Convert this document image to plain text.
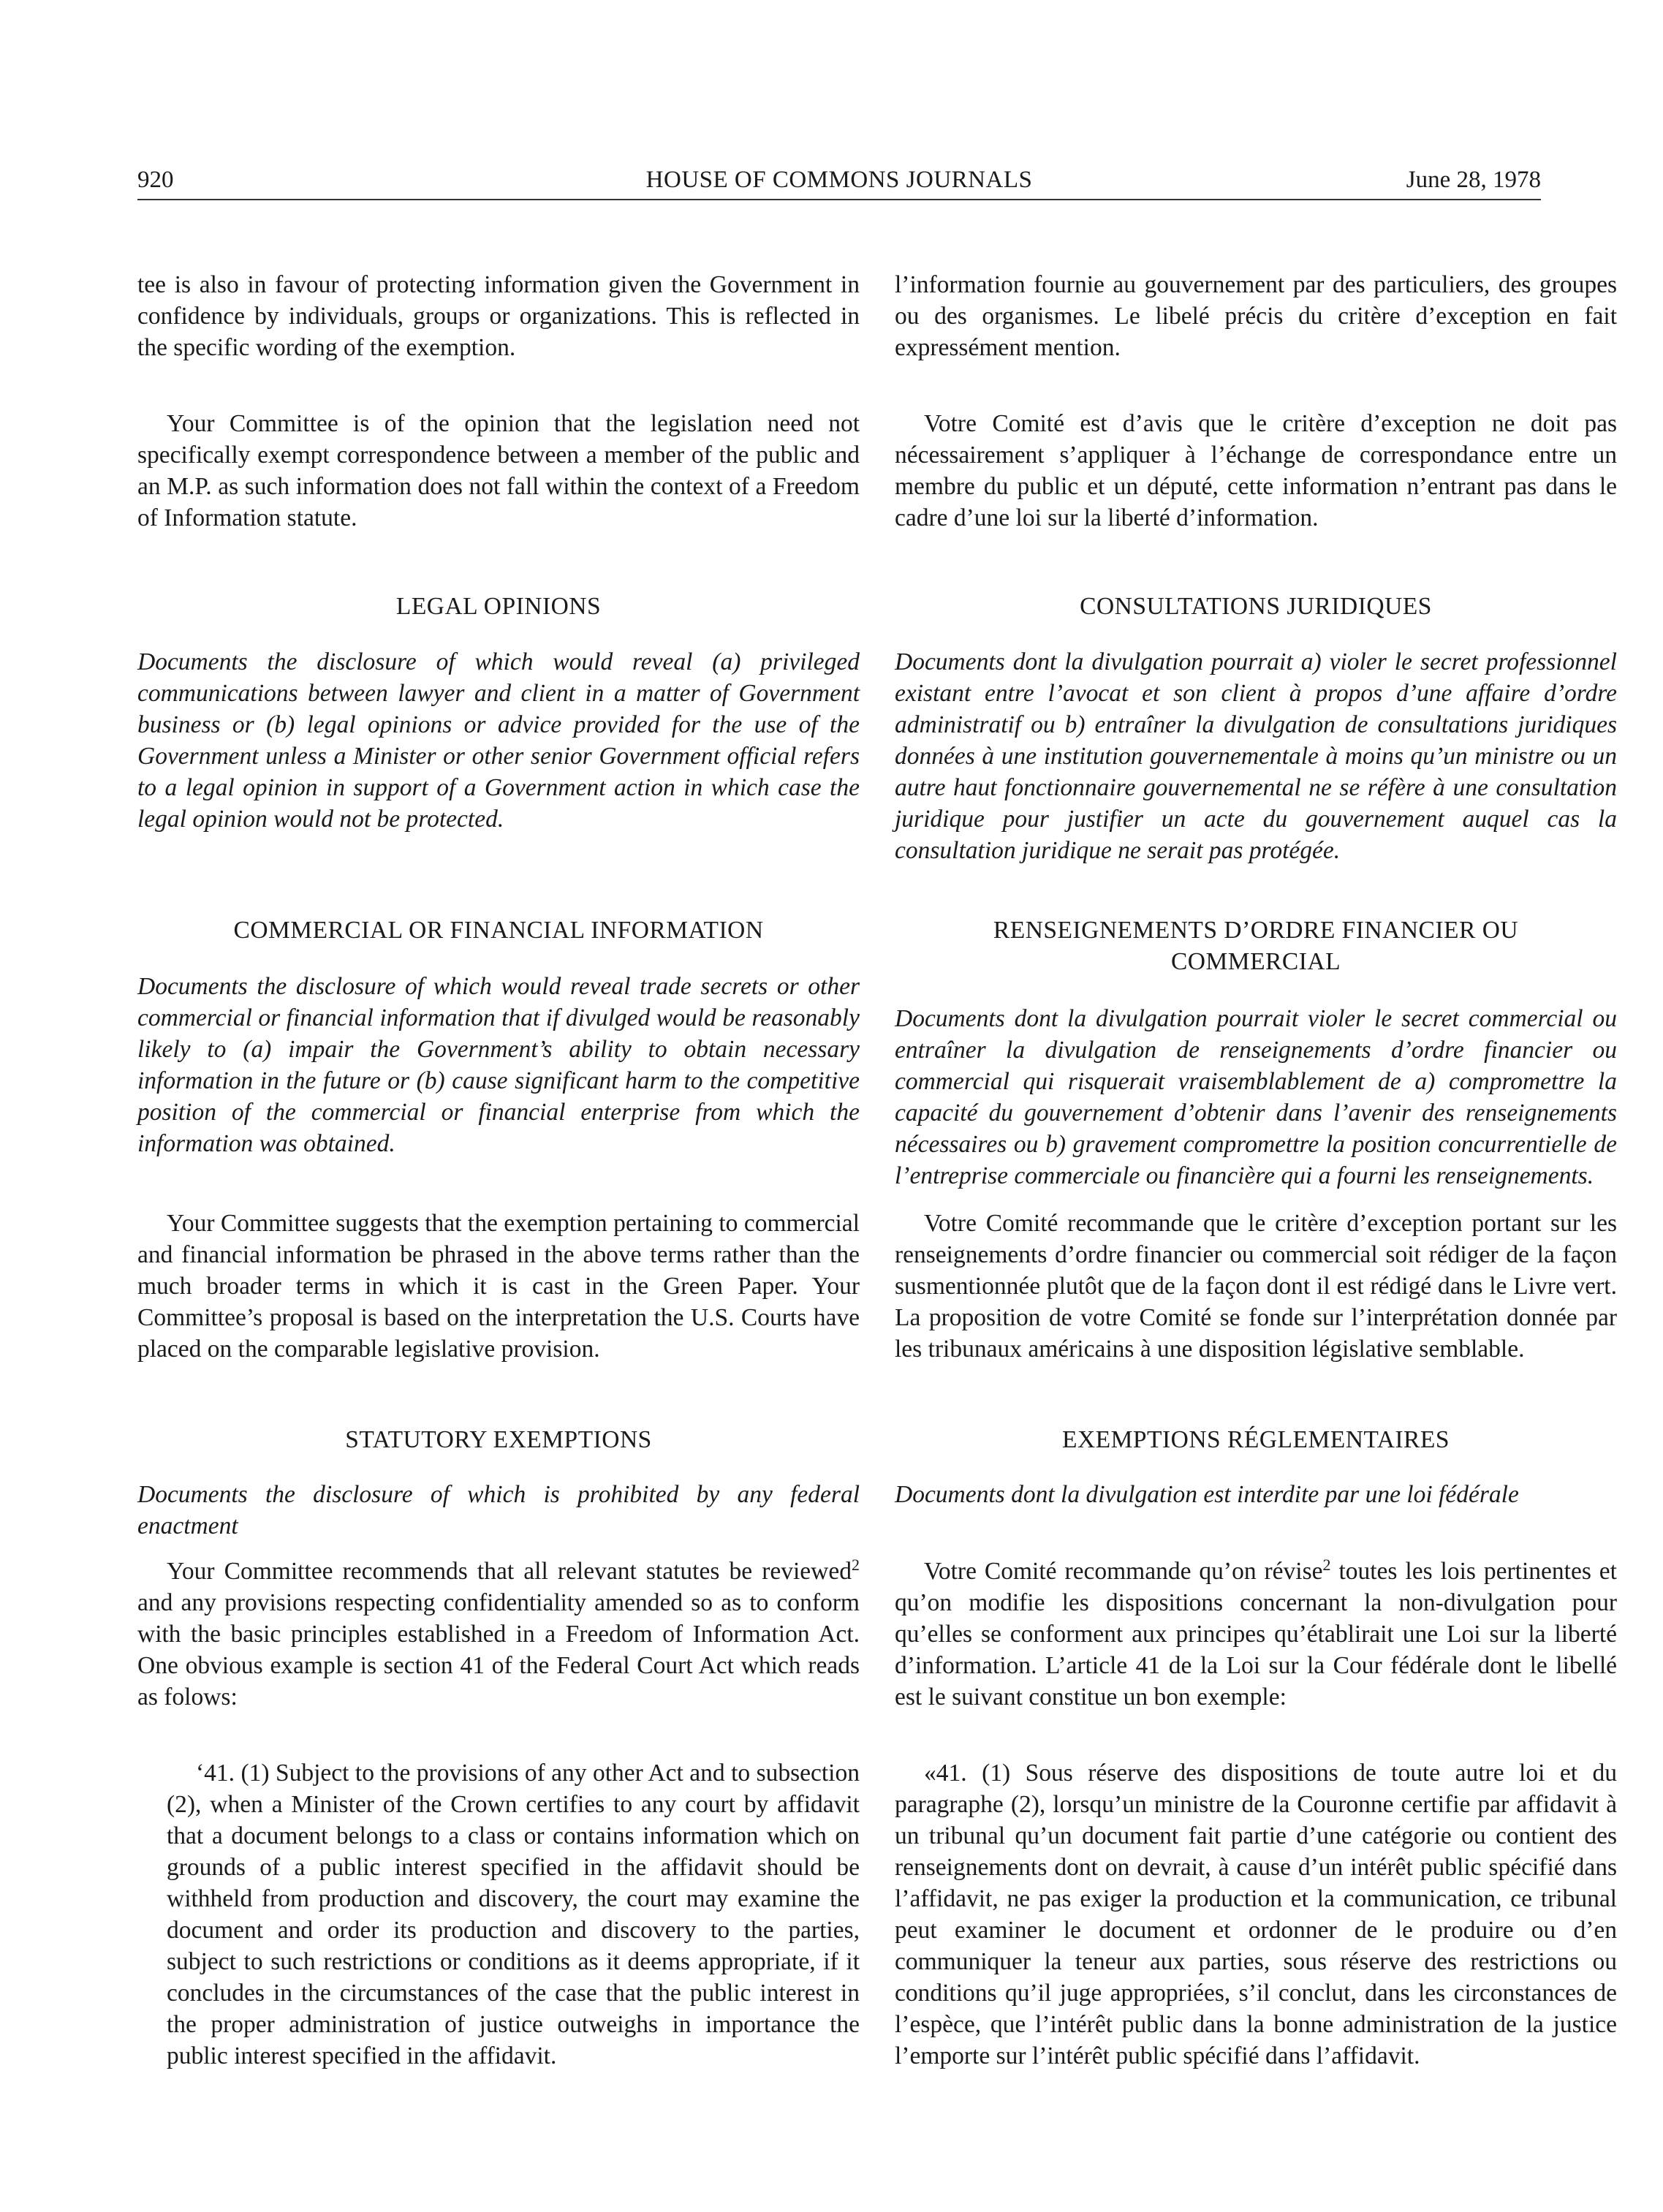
920	HOUSE OF COMMONS JOURNALS	June 28, 1978

tee is also in favour of protecting information given the Government in confidence by individuals, groups or organizations. This is reflected in the specific wording of the exemption.

Your Committee is of the opinion that the legislation need not specifically exempt correspondence between a member of the public and an M.P. as such information does not fall within the context of a Freedom of Information statute.

LEGAL OPINIONS

Documents the disclosure of which would reveal (a) privileged communications between lawyer and client in a matter of Government business or (b) legal opinions or advice provided for the use of the Government unless a Minister or other senior Government official refers to a legal opinion in support of a Government action in which case the legal opinion would not be protected.

COMMERCIAL OR FINANCIAL INFORMATION

Documents the disclosure of which would reveal trade secrets or other commercial or financial information that if divulged would be reasonably likely to (a) impair the Government’s ability to obtain necessary information in the future or (b) cause significant harm to the competitive position of the commercial or financial enterprise from which the information was obtained.

Your Committee suggests that the exemption pertaining to commercial and financial information be phrased in the above terms rather than the much broader terms in which it is cast in the Green Paper. Your Committee’s proposal is based on the interpretation the U.S. Courts have placed on the comparable legislative provision.

STATUTORY EXEMPTIONS

Documents the disclosure of which is prohibited by any federal enactment

Your Committee recommends that all relevant statutes be reviewed$^2$ and any provisions respecting confidentiality amended so as to conform with the basic principles established in a Freedom of Information Act. One obvious example is section 41 of the Federal Court Act which reads as folows:

‘41. (1) Subject to the provisions of any other Act and to subsection (2), when a Minister of the Crown certifies to any court by affidavit that a document belongs to a class or contains information which on grounds of a public interest specified in the affidavit should be withheld from production and discovery, the court may examine the document and order its production and discovery to the parties, subject to such restrictions or conditions as it deems appropriate, if it concludes in the circumstances of the case that the public interest in the proper administration of justice outweighs in importance the public interest specified in the affidavit.

l’information fournie au gouvernement par des particuliers, des groupes ou des organismes. Le libelé précis du critère d’exception en fait expressément mention.

Votre Comité est d’avis que le critère d’exception ne doit pas nécessairement s’appliquer à l’échange de correspondance entre un membre du public et un député, cette information n’entrant pas dans le cadre d’une loi sur la liberté d’information.

CONSULTATIONS JURIDIQUES

Documents dont la divulgation pourrait a) violer le secret professionnel existant entre l’avocat et son client à propos d’une affaire d’ordre administratif ou b) entraîner la divulgation de consultations juridiques données à une institution gouvernementale à moins qu’un ministre ou un autre haut fonctionnaire gouvernemental ne se réfère à une consultation juridique pour justifier un acte du gouvernement auquel cas la consultation juridique ne serait pas protégée.

RENSEIGNEMENTS D’ORDRE FINANCIER OU COMMERCIAL

Documents dont la divulgation pourrait violer le secret commercial ou entraîner la divulgation de renseignements d’ordre financier ou commercial qui risquerait vraisemblablement de a) compromettre la capacité du gouvernement d’obtenir dans l’avenir des renseignements nécessaires ou b) gravement compromettre la position concurrentielle de l’entreprise commerciale ou financière qui a fourni les renseignements.

Votre Comité recommande que le critère d’exception portant sur les renseignements d’ordre financier ou commercial soit rédiger de la façon susmentionnée plutôt que de la façon dont il est rédigé dans le Livre vert. La proposition de votre Comité se fonde sur l’interprétation donnée par les tribunaux américains à une disposition législative semblable.

EXEMPTIONS RÉGLEMENTAIRES

Documents dont la divulgation est interdite par une loi fédérale

Votre Comité recommande qu’on révise$^2$ toutes les lois pertinentes et qu’on modifie les dispositions concernant la non-divulgation pour qu’elles se conforment aux principes qu’établirait une Loi sur la liberté d’information. L’article 41 de la Loi sur la Cour fédérale dont le libellé est le suivant constitue un bon exemple:

«41. (1) Sous réserve des dispositions de toute autre loi et du paragraphe (2), lorsqu’un ministre de la Couronne certifie par affidavit à un tribunal qu’un document fait partie d’une catégorie ou contient des renseignements dont on devrait, à cause d’un intérêt public spécifié dans l’affidavit, ne pas exiger la production et la communication, ce tribunal peut examiner le document et ordonner de le produire ou d’en communiquer la teneur aux parties, sous réserve des restrictions ou conditions qu’il juge appropriées, s’il conclut, dans les circonstances de l’espèce, que l’intérêt public dans la bonne administration de la justice l’emporte sur l’intérêt public spécifié dans l’affidavit.
